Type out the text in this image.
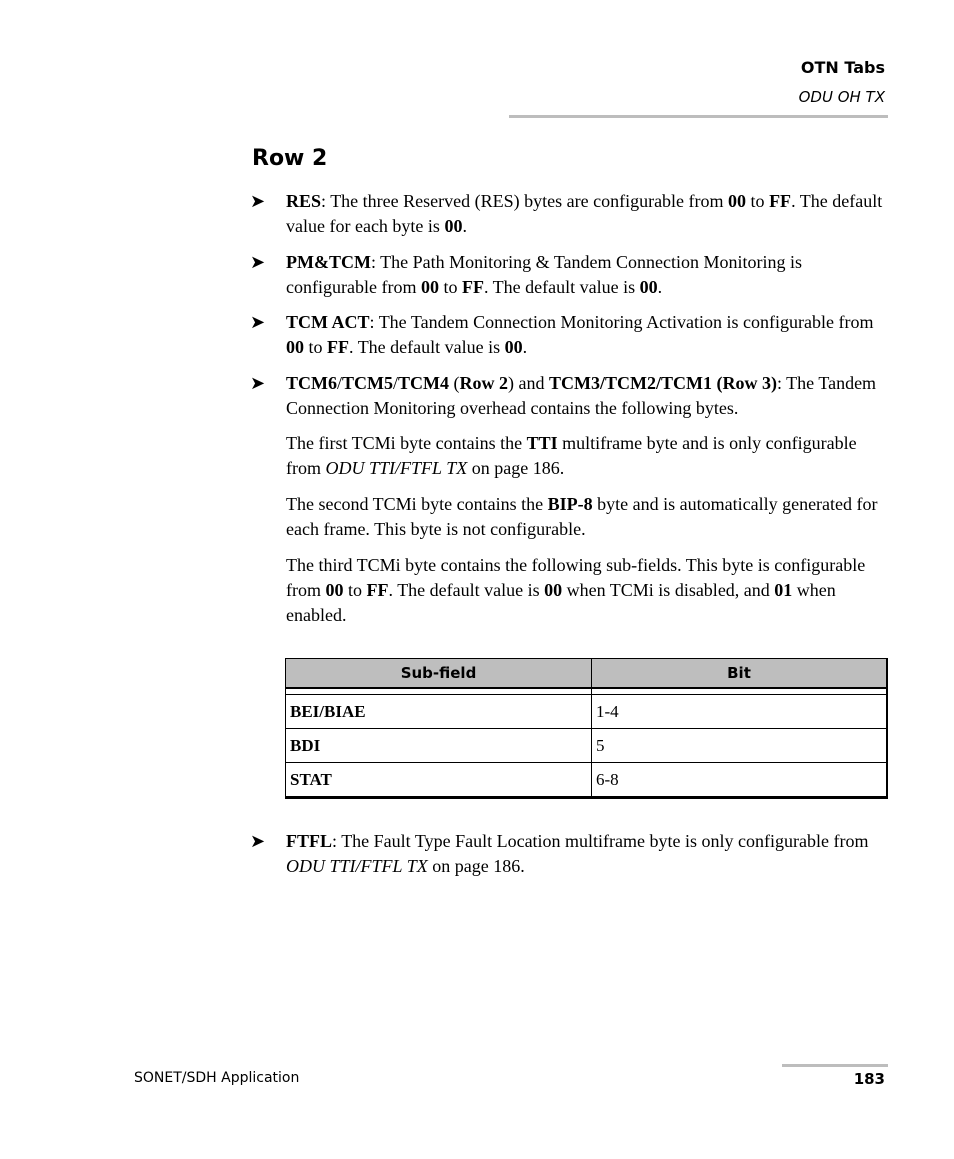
OTN Tabs
ODU OH TX
Row 2
➤ RES: The three Reserved (RES) bytes are configurable from 00 to FF. The default value for each byte is 00.
➤ PM&TCM: The Path Monitoring & Tandem Connection Monitoring is configurable from 00 to FF. The default value is 00.
➤ TCM ACT: The Tandem Connection Monitoring Activation is configurable from 00 to FF. The default value is 00.
➤ TCM6/TCM5/TCM4 (Row 2) and TCM3/TCM2/TCM1 (Row 3): The Tandem Connection Monitoring overhead contains the following bytes.
The first TCMi byte contains the TTI multiframe byte and is only configurable from ODU TTI/FTFL TX on page 186.
The second TCMi byte contains the BIP-8 byte and is automatically generated for each frame. This byte is not configurable.
The third TCMi byte contains the following sub-fields. This byte is configurable from 00 to FF. The default value is 00 when TCMi is disabled, and 01 when enabled.
Sub-field	Bit

BEI/BIAE	1-4
BDI	5
STAT	6-8
➤ FTFL: The Fault Type Fault Location multiframe byte is only configurable from ODU TTI/FTFL TX on page 186.
SONET/SDH Application	183
